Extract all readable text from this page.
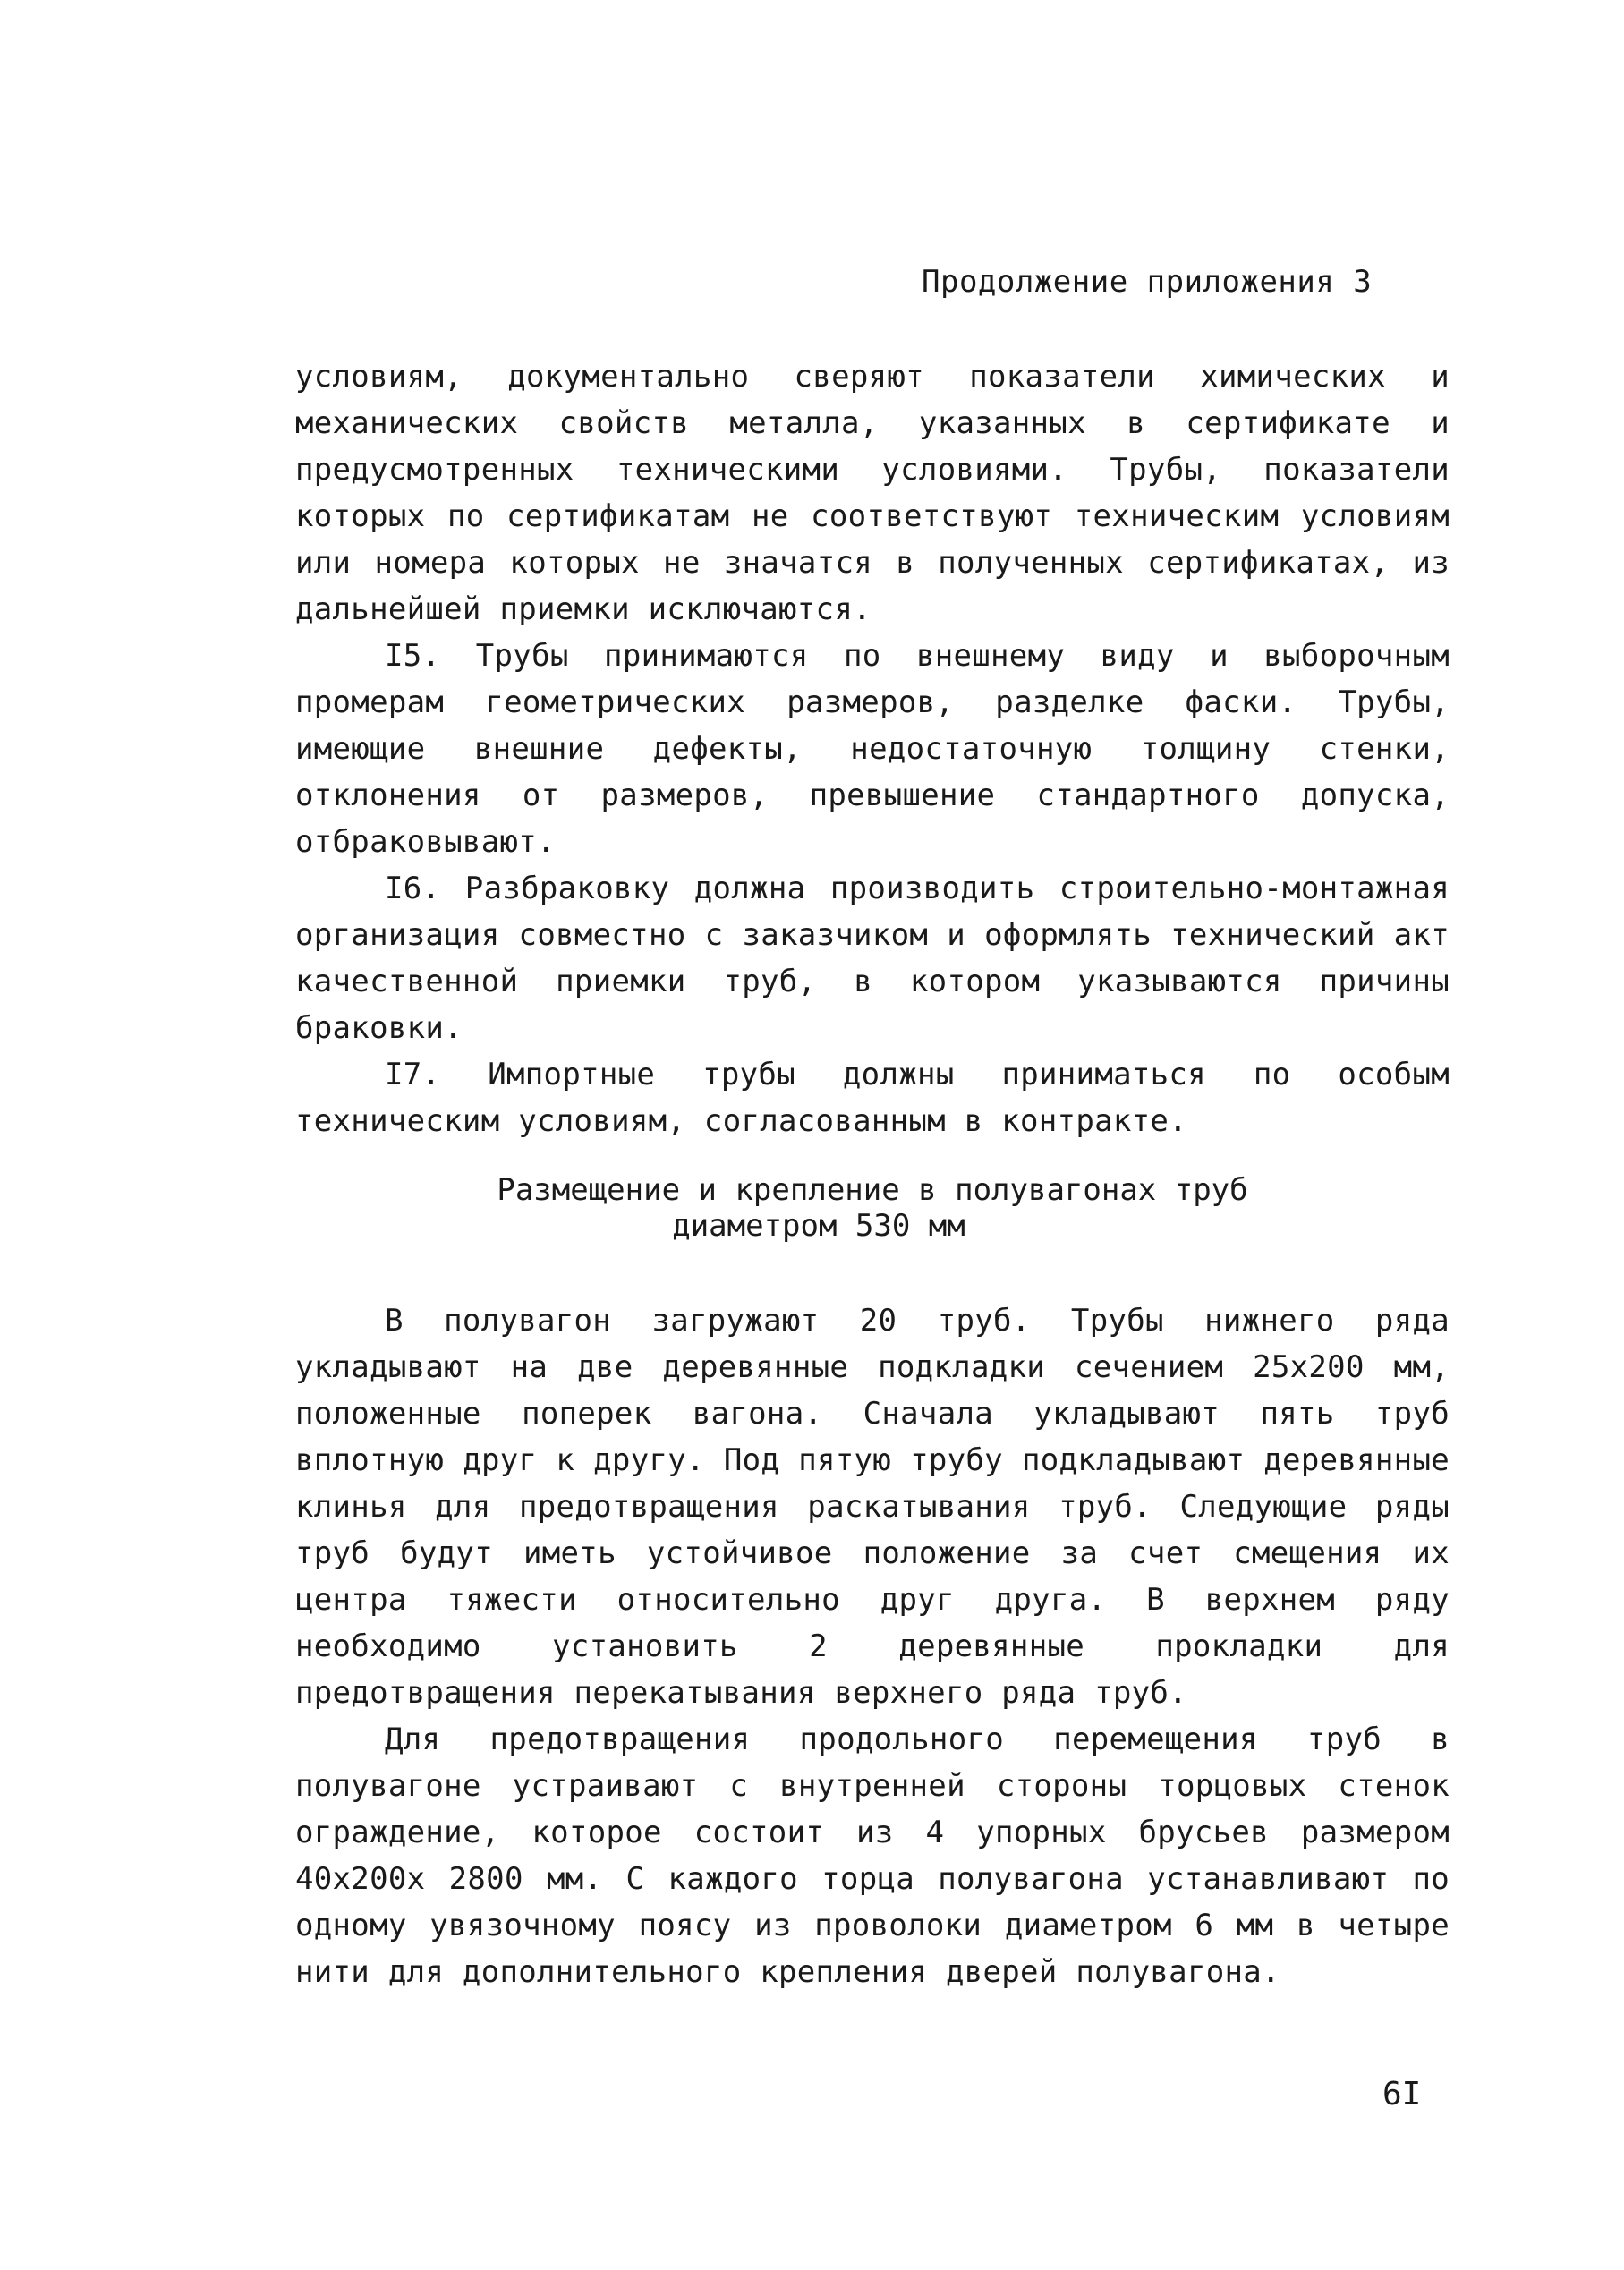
Продолжение приложения 3

условиям, документально сверяют показатели химических и механических свойств металла, указанных в сертификате и предусмотренных техническими условиями. Трубы, показатели которых по сертификатам не соответствуют техническим условиям или номера которых не значатся в полученных сертификатах, из дальнейшей приемки исключаются.

I5. Трубы принимаются по внешнему виду и выборочным промерам геометрических размеров, разделке фаски. Трубы, имеющие внешние дефекты, недостаточную толщину стенки, отклонения от размеров, превышение стандартного допуска, отбраковывают.

I6. Разбраковку должна производить строительно-монтажная организация совместно с заказчиком и оформлять технический акт качественной приемки труб, в котором указываются причины браковки.

I7. Импортные трубы должны приниматься по особым техническим условиям, согласованным в контракте.

Размещение и крепление в полувагонах труб
диаметром 530 мм

В полувагон загружают 20 труб. Трубы нижнего ряда укладывают на две деревянные подкладки сечением 25х200 мм, положенные поперек вагона. Сначала укладывают пять труб вплотную друг к другу. Под пятую трубу подкладывают деревянные клинья для предотвращения раскатывания труб. Следующие ряды труб будут иметь устойчивое положение за счет смещения их центра тяжести относительно друг друга. В верхнем ряду необходимо установить 2 деревянные прокладки для предотвращения перекатывания верхнего ряда труб.

Для предотвращения продольного перемещения труб в полувагоне устраивают с внутренней стороны торцовых стенок ограждение, которое состоит из 4 упорных брусьев размером 40х200х 2800 мм. С каждого торца полувагона устанавливают по одному увязочному поясу из проволоки диаметром 6 мм в четыре нити для дополнительного крепления дверей полувагона.

6I
